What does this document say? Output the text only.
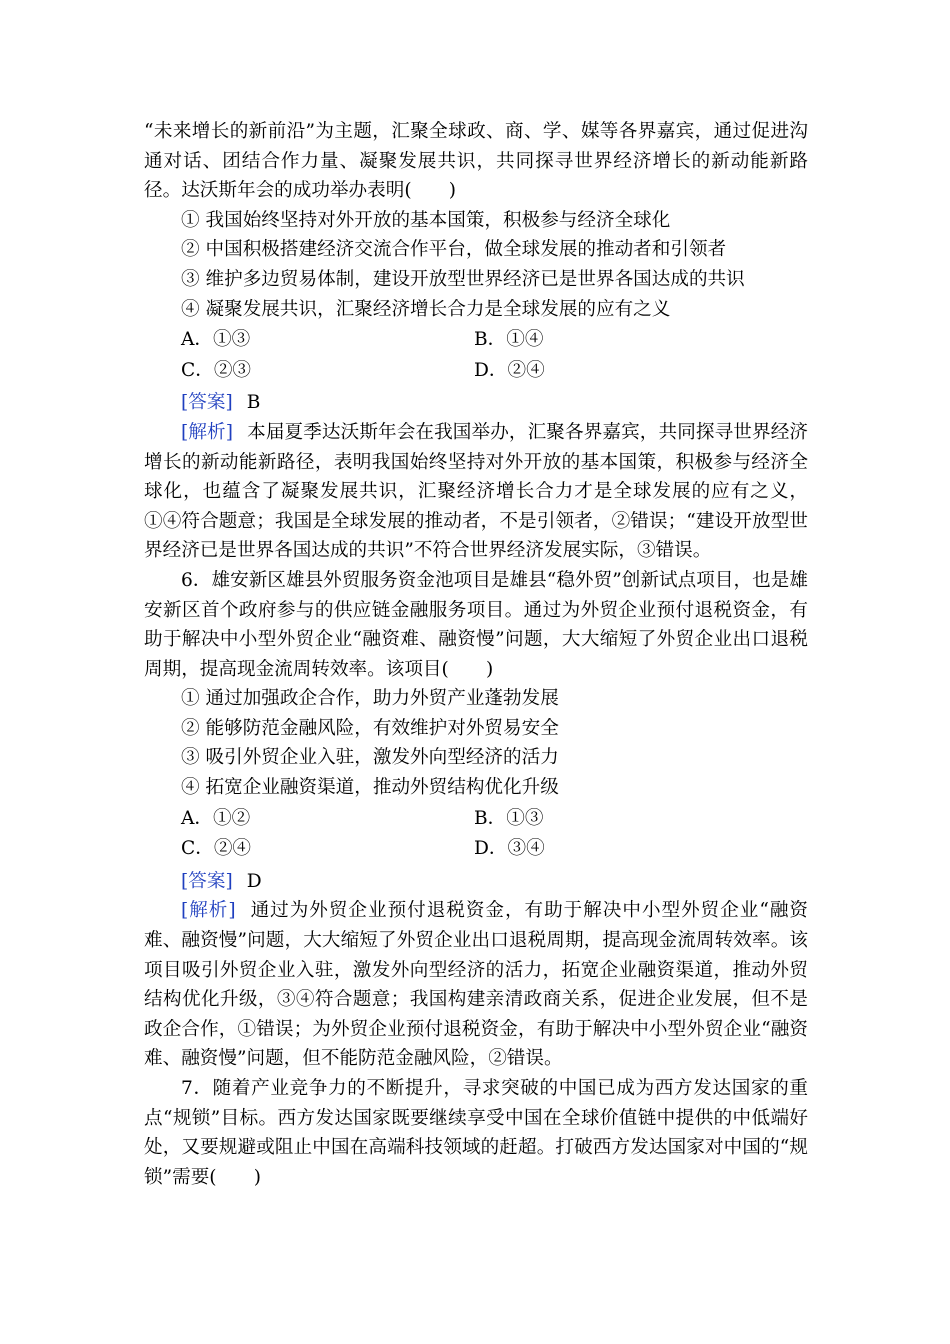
“未来增长的新前沿”为主题，汇聚全球政、商、学、媒等各界嘉宾，通过促进沟通对话、团结合作力量、凝聚发展共识，共同探寻世界经济增长的新动能新路径。达沃斯年会的成功举办表明(　　)

① 我国始终坚持对外开放的基本国策，积极参与经济全球化

② 中国积极搭建经济交流合作平台，做全球发展的推动者和引领者

③ 维护多边贸易体制，建设开放型世界经济已是世界各国达成的共识

④ 凝聚发展共识，汇聚经济增长合力是全球发展的应有之义

A．①③	B．①④
C．②③	D．②④

[答案] B

[解析] 本届夏季达沃斯年会在我国举办，汇聚各界嘉宾，共同探寻世界经济增长的新动能新路径，表明我国始终坚持对外开放的基本国策，积极参与经济全球化，也蕴含了凝聚发展共识，汇聚经济增长合力才是全球发展的应有之义，①④符合题意；我国是全球发展的推动者，不是引领者，②错误；“建设开放型世界经济已是世界各国达成的共识”不符合世界经济发展实际，③错误。

6．雄安新区雄县外贸服务资金池项目是雄县“稳外贸”创新试点项目，也是雄安新区首个政府参与的供应链金融服务项目。通过为外贸企业预付退税资金，有助于解决中小型外贸企业“融资难、融资慢”问题，大大缩短了外贸企业出口退税周期，提高现金流周转效率。该项目(　　)

① 通过加强政企合作，助力外贸产业蓬勃发展

② 能够防范金融风险，有效维护对外贸易安全

③ 吸引外贸企业入驻，激发外向型经济的活力

④ 拓宽企业融资渠道，推动外贸结构优化升级

A．①②	B．①③
C．②④	D．③④

[答案] D

[解析] 通过为外贸企业预付退税资金，有助于解决中小型外贸企业“融资难、融资慢”问题，大大缩短了外贸企业出口退税周期，提高现金流周转效率。该项目吸引外贸企业入驻，激发外向型经济的活力，拓宽企业融资渠道，推动外贸结构优化升级，③④符合题意；我国构建亲清政商关系，促进企业发展，但不是政企合作，①错误；为外贸企业预付退税资金，有助于解决中小型外贸企业“融资难、融资慢”问题，但不能防范金融风险，②错误。

7．随着产业竞争力的不断提升，寻求突破的中国已成为西方发达国家的重点“规锁”目标。西方发达国家既要继续享受中国在全球价值链中提供的中低端好处，又要规避或阻止中国在高端科技领域的赶超。打破西方发达国家对中国的“规锁”需要(　　)
